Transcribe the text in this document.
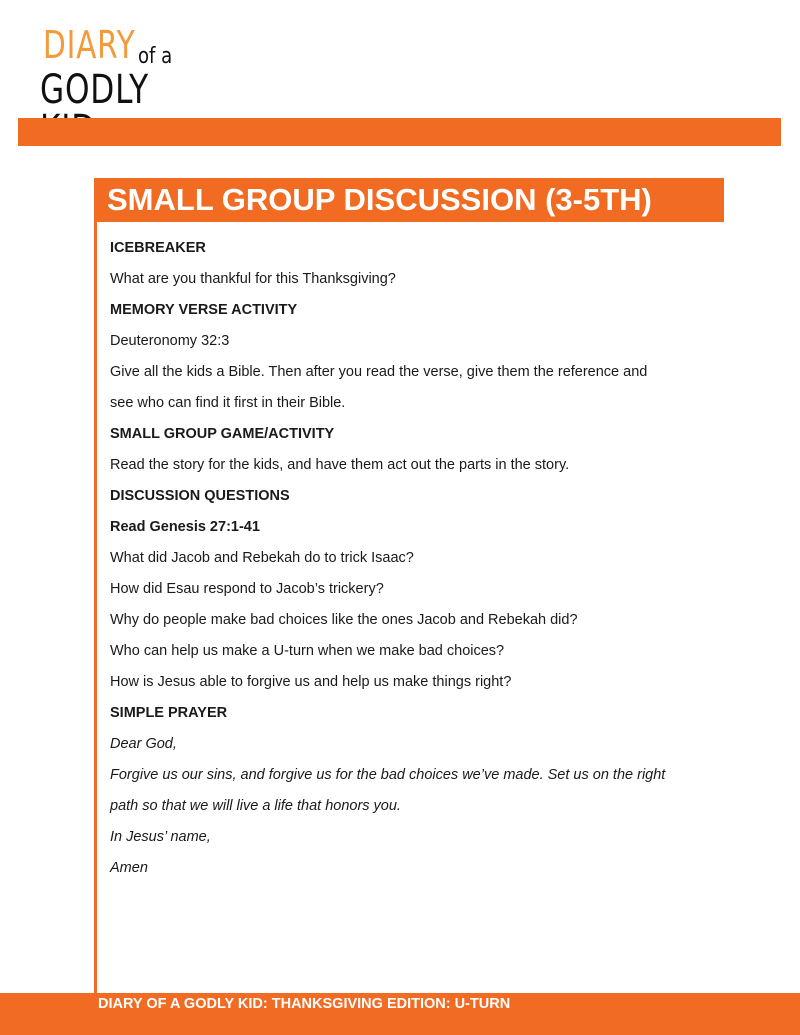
DIARY of a
GODLY
SMALL GROUP DISCUSSION (3-5TH)
ICEBREAKER
What are you thankful for this Thanksgiving?
MEMORY VERSE ACTIVITY
Deuteronomy 32:3
Give all the kids a Bible. Then after you read the verse, give them the reference and
see who can find it first in their Bible.
SMALL GROUP GAME/ACTIVITY
Read the story for the kids, and have them act out the parts in the story.
DISCUSSION QUESTIONS
Read Genesis 27:1-41
What did Jacob and Rebekah do to trick Isaac?
How did Esau respond to Jacob’s trickery?
Why do people make bad choices like the ones Jacob and Rebekah did?
Who can help us make a U-turn when we make bad choices?
How is Jesus able to forgive us and help us make things right?
SIMPLE PRAYER
Dear God,
Forgive us our sins, and forgive us for the bad choices we’ve made. Set us on the right
path so that we will live a life that honors you.
In Jesus’ name,
Amen
DIARY OF A GODLY KID: THANKSGIVING EDITION: U-TURN
